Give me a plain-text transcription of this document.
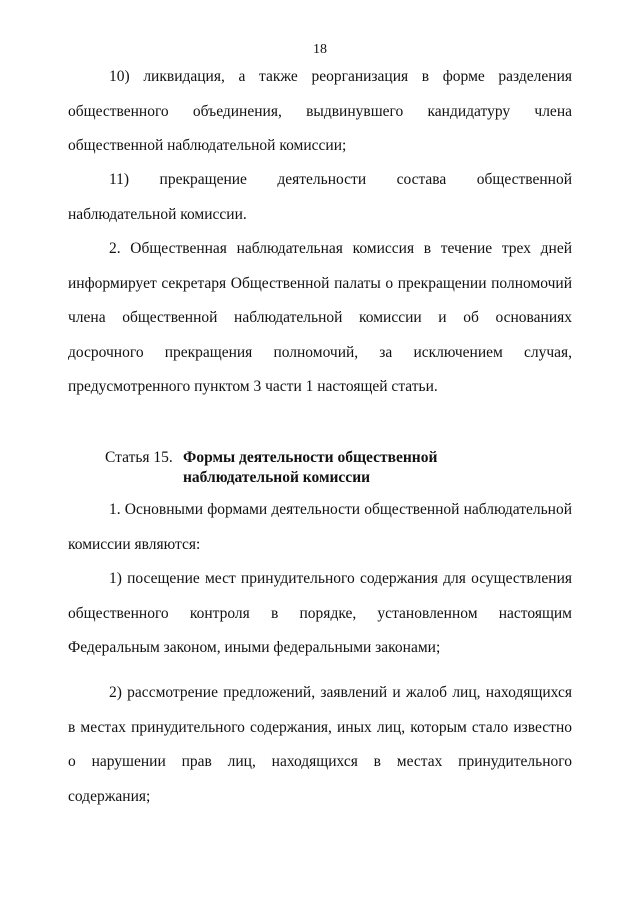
18

10) ликвидация, а также реорганизация в форме разделения общественного объединения, выдвинувшего кандидатуру члена общественной наблюдательной комиссии;

11) прекращение деятельности состава общественной наблюдательной комиссии.

2. Общественная наблюдательная комиссия в течение трех дней информирует секретаря Общественной палаты о прекращении полномочий члена общественной наблюдательной комиссии и об основаниях досрочного прекращения полномочий, за исключением случая, предусмотренного пунктом 3 части 1 настоящей статьи.

Статья 15. Формы деятельности общественной наблюдательной комиссии

1. Основными формами деятельности общественной наблюдательной комиссии являются:

1) посещение мест принудительного содержания для осуществления общественного контроля в порядке, установленном настоящим Федеральным законом, иными федеральными законами;

2) рассмотрение предложений, заявлений и жалоб лиц, находящихся в местах принудительного содержания, иных лиц, которым стало известно о нарушении прав лиц, находящихся в местах принудительного содержания;
